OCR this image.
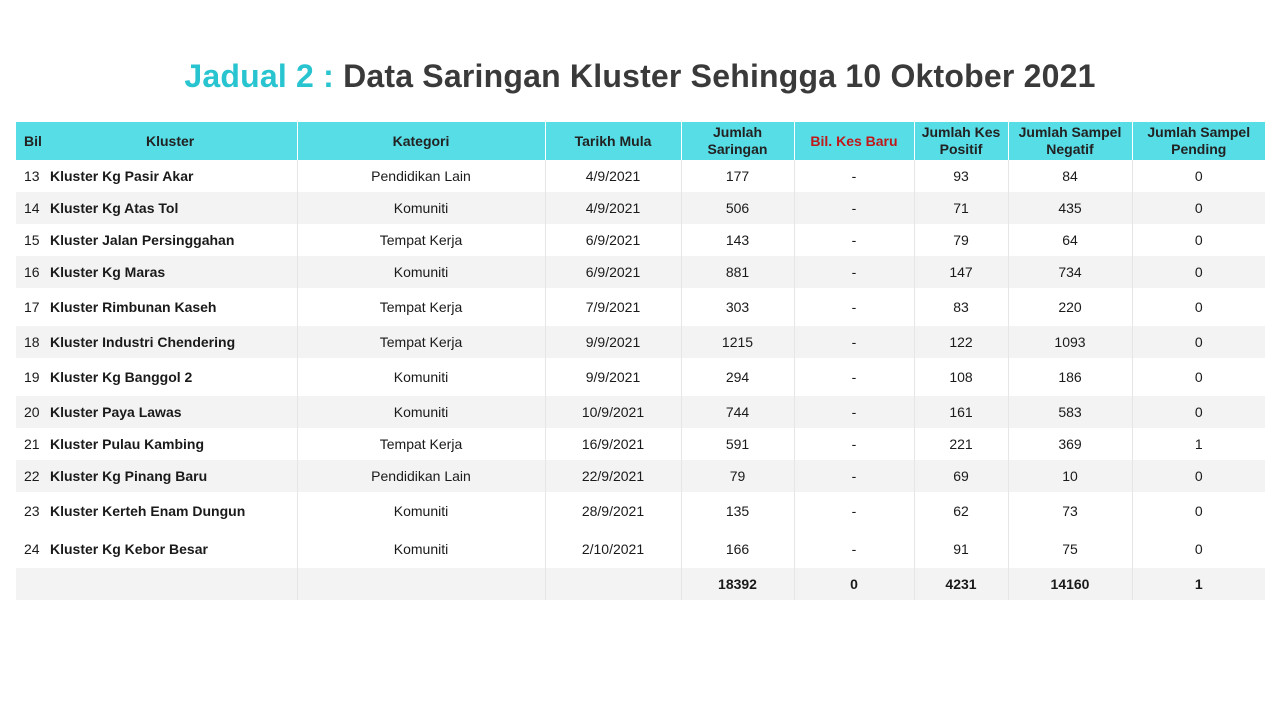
Jadual 2 : Data Saringan Kluster Sehingga 10 Oktober 2021
Bil Kluster	Kategori	Tarikh Mula	Jumlah Saringan	Bil. Kes Baru	Jumlah Kes Positif	Jumlah Sampel Negatif	Jumlah Sampel Pending
13 Kluster Kg Pasir Akar	Pendidikan Lain	4/9/2021	177	-	93	84	0
14 Kluster Kg Atas Tol	Komuniti	4/9/2021	506	-	71	435	0
15 Kluster Jalan Persinggahan	Tempat Kerja	6/9/2021	143	-	79	64	0
16 Kluster Kg Maras	Komuniti	6/9/2021	881	-	147	734	0
17 Kluster Rimbunan Kaseh	Tempat Kerja	7/9/2021	303	-	83	220	0
18 Kluster Industri Chendering	Tempat Kerja	9/9/2021	1215	-	122	1093	0
19 Kluster Kg Banggol 2	Komuniti	9/9/2021	294	-	108	186	0
20 Kluster Paya Lawas	Komuniti	10/9/2021	744	-	161	583	0
21 Kluster Pulau Kambing	Tempat Kerja	16/9/2021	591	-	221	369	1
22 Kluster Kg Pinang Baru	Pendidikan Lain	22/9/2021	79	-	69	10	0
23 Kluster Kerteh Enam Dungun	Komuniti	28/9/2021	135	-	62	73	0
24 Kluster Kg Kebor Besar	Komuniti	2/10/2021	166	-	91	75	0
			18392	0	4231	14160	1
